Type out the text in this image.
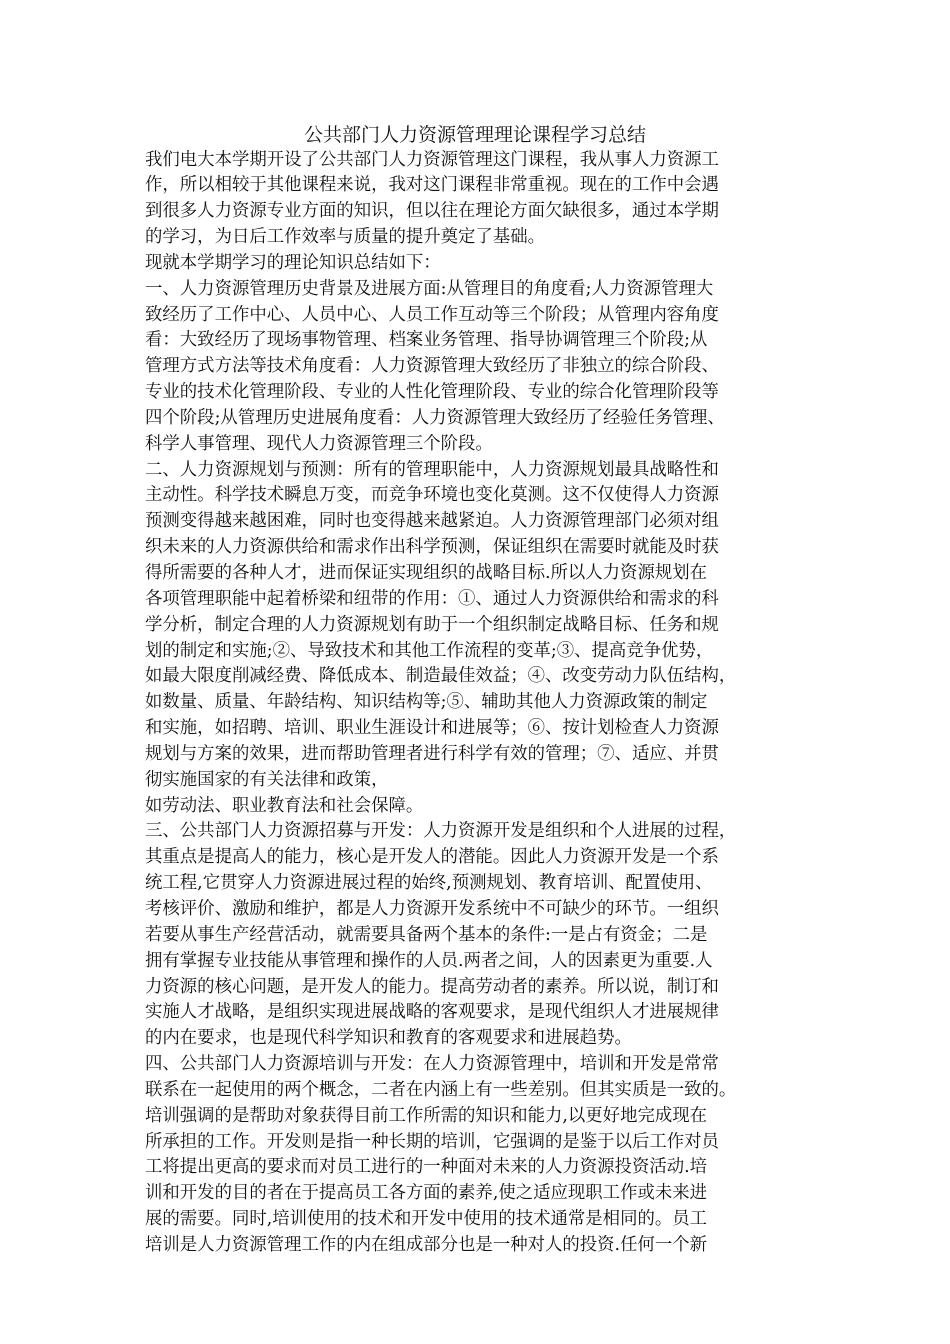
公共部门人力资源管理理论课程学习总结
我们电大本学期开设了公共部门人力资源管理这门课程，我从事人力资源工
作，所以相较于其他课程来说，我对这门课程非常重视。现在的工作中会遇
到很多人力资源专业方面的知识，但以往在理论方面欠缺很多，通过本学期
的学习，为日后工作效率与质量的提升奠定了基础。
现就本学期学习的理论知识总结如下：
一、人力资源管理历史背景及进展方面:从管理目的角度看;人力资源管理大
致经历了工作中心、人员中心、人员工作互动等三个阶段；从管理内容角度
看：大致经历了现场事物管理、档案业务管理、指导协调管理三个阶段;从
管理方式方法等技术角度看：人力资源管理大致经历了非独立的综合阶段、
专业的技术化管理阶段、专业的人性化管理阶段、专业的综合化管理阶段等
四个阶段;从管理历史进展角度看：人力资源管理大致经历了经验任务管理、
科学人事管理、现代人力资源管理三个阶段。
二、人力资源规划与预测：所有的管理职能中，人力资源规划最具战略性和
主动性。科学技术瞬息万变，而竞争环境也变化莫测。这不仅使得人力资源
预测变得越来越困难，同时也变得越来越紧迫。人力资源管理部门必须对组
织未来的人力资源供给和需求作出科学预测，保证组织在需要时就能及时获
得所需要的各种人才，进而保证实现组织的战略目标.所以人力资源规划在
各项管理职能中起着桥梁和纽带的作用：①、通过人力资源供给和需求的科
学分析，制定合理的人力资源规划有助于一个组织制定战略目标、任务和规
划的制定和实施;②、导致技术和其他工作流程的变革;③、提高竞争优势，
如最大限度削减经费、降低成本、制造最佳效益；④、改变劳动力队伍结构，
如数量、质量、年龄结构、知识结构等;⑤、辅助其他人力资源政策的制定
和实施，如招聘、培训、职业生涯设计和进展等；⑥、按计划检查人力资源
规划与方案的效果，进而帮助管理者进行科学有效的管理；⑦、适应、并贯
彻实施国家的有关法律和政策，
如劳动法、职业教育法和社会保障。
三、公共部门人力资源招募与开发：人力资源开发是组织和个人进展的过程，
其重点是提高人的能力，核心是开发人的潜能。因此人力资源开发是一个系
统工程,它贯穿人力资源进展过程的始终,预测规划、教育培训、配置使用、
考核评价、激励和维护，都是人力资源开发系统中不可缺少的环节。一组织
若要从事生产经营活动，就需要具备两个基本的条件:一是占有资金；二是
拥有掌握专业技能从事管理和操作的人员.两者之间，人的因素更为重要.人
力资源的核心问题，是开发人的能力。提高劳动者的素养。所以说，制订和
实施人才战略，是组织实现进展战略的客观要求，是现代组织人才进展规律
的内在要求，也是现代科学知识和教育的客观要求和进展趋势。
四、公共部门人力资源培训与开发：在人力资源管理中，培训和开发是常常
联系在一起使用的两个概念，二者在内涵上有一些差别。但其实质是一致的。
培训强调的是帮助对象获得目前工作所需的知识和能力,以更好地完成现在
所承担的工作。开发则是指一种长期的培训，它强调的是鉴于以后工作对员
工将提出更高的要求而对员工进行的一种面对未来的人力资源投资活动.培
训和开发的目的者在于提高员工各方面的素养,使之适应现职工作或未来进
展的需要。同时,培训使用的技术和开发中使用的技术通常是相同的。员工
培训是人力资源管理工作的内在组成部分也是一种对人的投资.任何一个新
